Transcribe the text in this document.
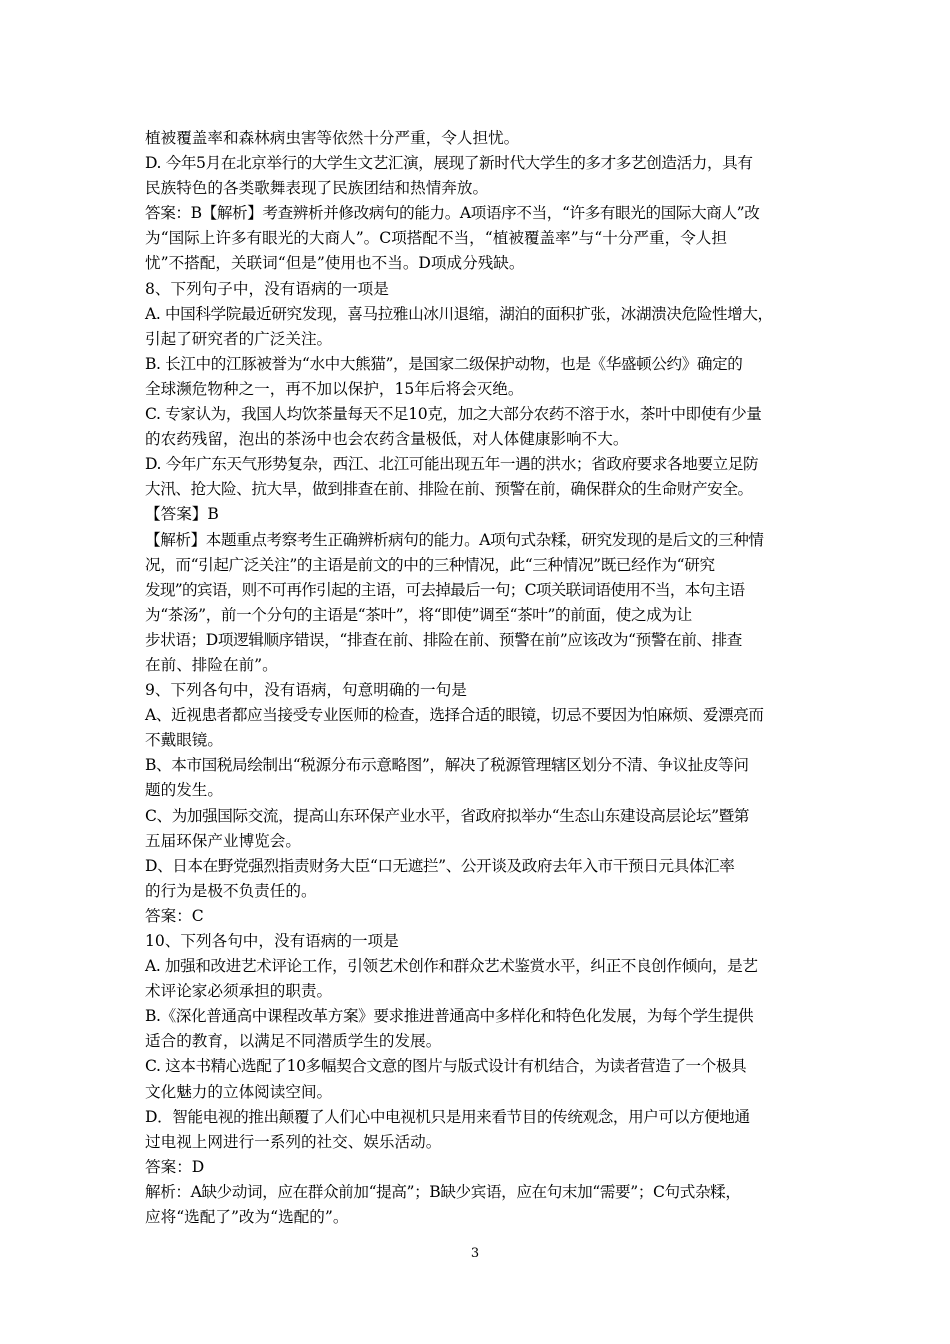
植被覆盖率和森林病虫害等依然十分严重，令人担忧。
D. 今年5月在北京举行的大学生文艺汇演，展现了新时代大学生的多才多艺创造活力，具有
民族特色的各类歌舞表现了民族团结和热情奔放。
答案：B【解析】考查辨析并修改病句的能力。A项语序不当，“许多有眼光的国际大商人”改
为“国际上许多有眼光的大商人”。C项搭配不当，“植被覆盖率”与“十分严重，令人担
忧”不搭配，关联词“但是”使用也不当。D项成分残缺。
8、下列句子中，没有语病的一项是
A. 中国科学院最近研究发现，喜马拉雅山冰川退缩，湖泊的面积扩张，冰湖溃决危险性增大，
引起了研究者的广泛关注。
B. 长江中的江豚被誉为“水中大熊猫”，是国家二级保护动物，也是《华盛顿公约》确定的
全球濒危物种之一，再不加以保护，15年后将会灭绝。
C. 专家认为，我国人均饮茶量每天不足10克，加之大部分农药不溶于水，茶叶中即使有少量
的农药残留，泡出的茶汤中也会农药含量极低，对人体健康影响不大。
D. 今年广东天气形势复杂，西江、北江可能出现五年一遇的洪水；省政府要求各地要立足防
大汛、抢大险、抗大旱，做到排查在前、排险在前、预警在前，确保群众的生命财产安全。
【答案】B
【解析】本题重点考察考生正确辨析病句的能力。A项句式杂糅，研究发现的是后文的三种情
况，而“引起广泛关注”的主语是前文的中的三种情况，此“三种情况”既已经作为“研究
发现”的宾语，则不可再作引起的主语，可去掉最后一句；C项关联词语使用不当，本句主语
为“茶汤”，前一个分句的主语是“茶叶”，将“即使”调至“茶叶”的前面，使之成为让
步状语；D项逻辑顺序错误，“排查在前、排险在前、预警在前”应该改为“预警在前、排查
在前、排险在前”。
9、下列各句中，没有语病，句意明确的一句是
A、近视患者都应当接受专业医师的检查，选择合适的眼镜，切忌不要因为怕麻烦、爱漂亮而
不戴眼镜。
B、本市国税局绘制出“税源分布示意略图”，解决了税源管理辖区划分不清、争议扯皮等问
题的发生。
C、为加强国际交流，提高山东环保产业水平，省政府拟举办“生态山东建设高层论坛”暨第
五届环保产业博览会。
D、日本在野党强烈指责财务大臣“口无遮拦”、公开谈及政府去年入市干预日元具体汇率
的行为是极不负责任的。
答案：C
10、下列各句中，没有语病的一项是
A. 加强和改进艺术评论工作，引领艺术创作和群众艺术鉴赏水平，纠正不良创作倾向，是艺
术评论家必须承担的职责。
B.《深化普通高中课程改革方案》要求推进普通高中多样化和特色化发展，为每个学生提供
适合的教育，以满足不同潜质学生的发展。
C. 这本书精心选配了10多幅契合文意的图片与版式设计有机结合，为读者营造了一个极具
文化魅力的立体阅读空间。
D．智能电视的推出颠覆了人们心中电视机只是用来看节目的传统观念，用户可以方便地通
过电视上网进行一系列的社交、娱乐活动。
答案：D
解析：A缺少动词，应在群众前加“提高”；B缺少宾语，应在句末加“需要”；C句式杂糅，
应将“选配了”改为“选配的”。
3
